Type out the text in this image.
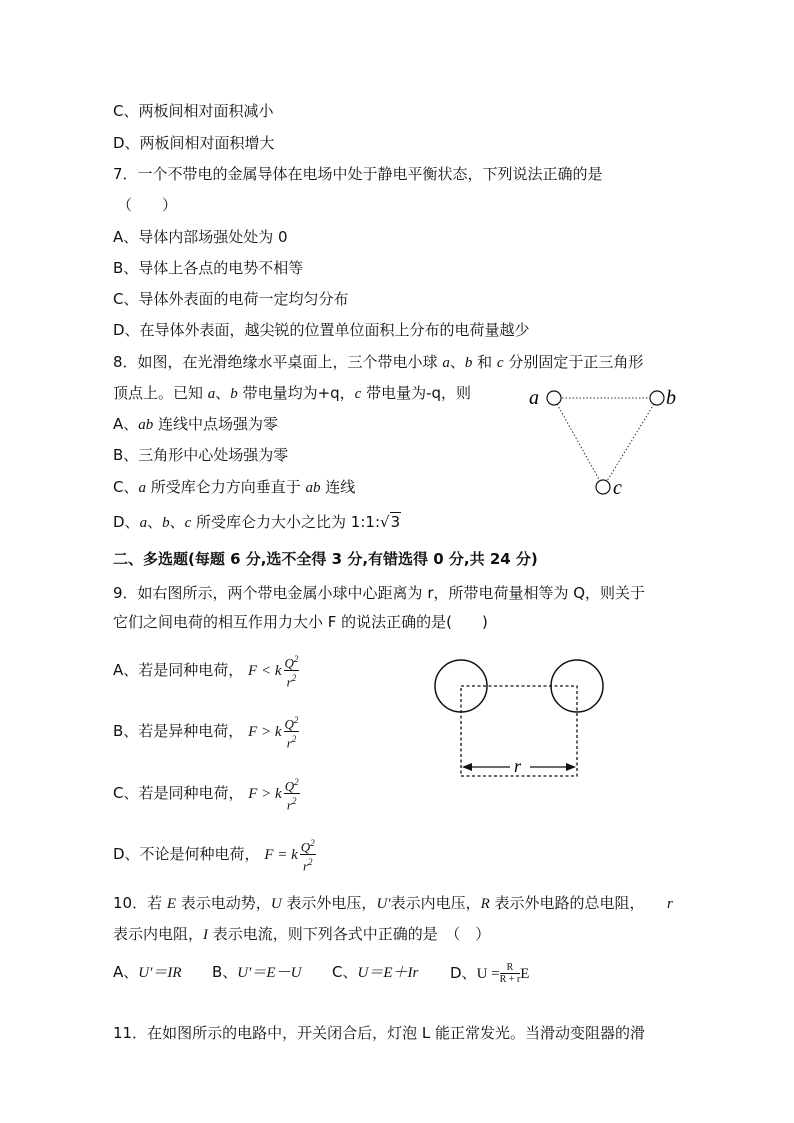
C、两板间相对面积减小
D、两板间相对面积增大
7．一个不带电的金属导体在电场中处于静电平衡状态，下列说法正确的是
（　　）
A、导体内部场强处处为 0
B、导体上各点的电势不相等
C、导体外表面的电荷一定均匀分布
D、在导体外表面，越尖锐的位置单位面积上分布的电荷量越少
8．如图，在光滑绝缘水平桌面上，三个带电小球 a、b 和 c 分别固定于正三角形
顶点上。已知 a、b 带电量均为+q，c 带电量为-q，则
A、ab 连线中点场强为零
B、三角形中心处场强为零
C、a 所受库仑力方向垂直于 ab 连线
D、a、b、c 所受库仑力大小之比为 1:1:√3
a	b
c
二、多选题(每题 6 分,选不全得 3 分,有错选得 0 分,共 24 分)
9．如右图所示，两个带电金属小球中心距离为 r，所带电荷量相等为 Q，则关于
它们之间电荷的相互作用力大小 F 的说法正确的是(　　)
A、若是同种电荷， F < k $\frac{Q^2}{r^2}$
B、若是异种电荷， F > k $\frac{Q^2}{r^2}$
C、若是同种电荷， F > k $\frac{Q^2}{r^2}$
D、不论是何种电荷， F = k $\frac{Q^2}{r^2}$
r
10．若 E 表示电动势，U 表示外电压，U′表示内电压，R 表示外电路的总电阻， r
表示内电阻，I 表示电流，则下列各式中正确的是　（　）
A、U′＝IR B、U′＝E－U C、U＝E＋Ir D、$U = \frac{R}{R + r}$ E
11．在如图所示的电路中，开关闭合后，灯泡 L 能正常发光。当滑动变阻器的滑
